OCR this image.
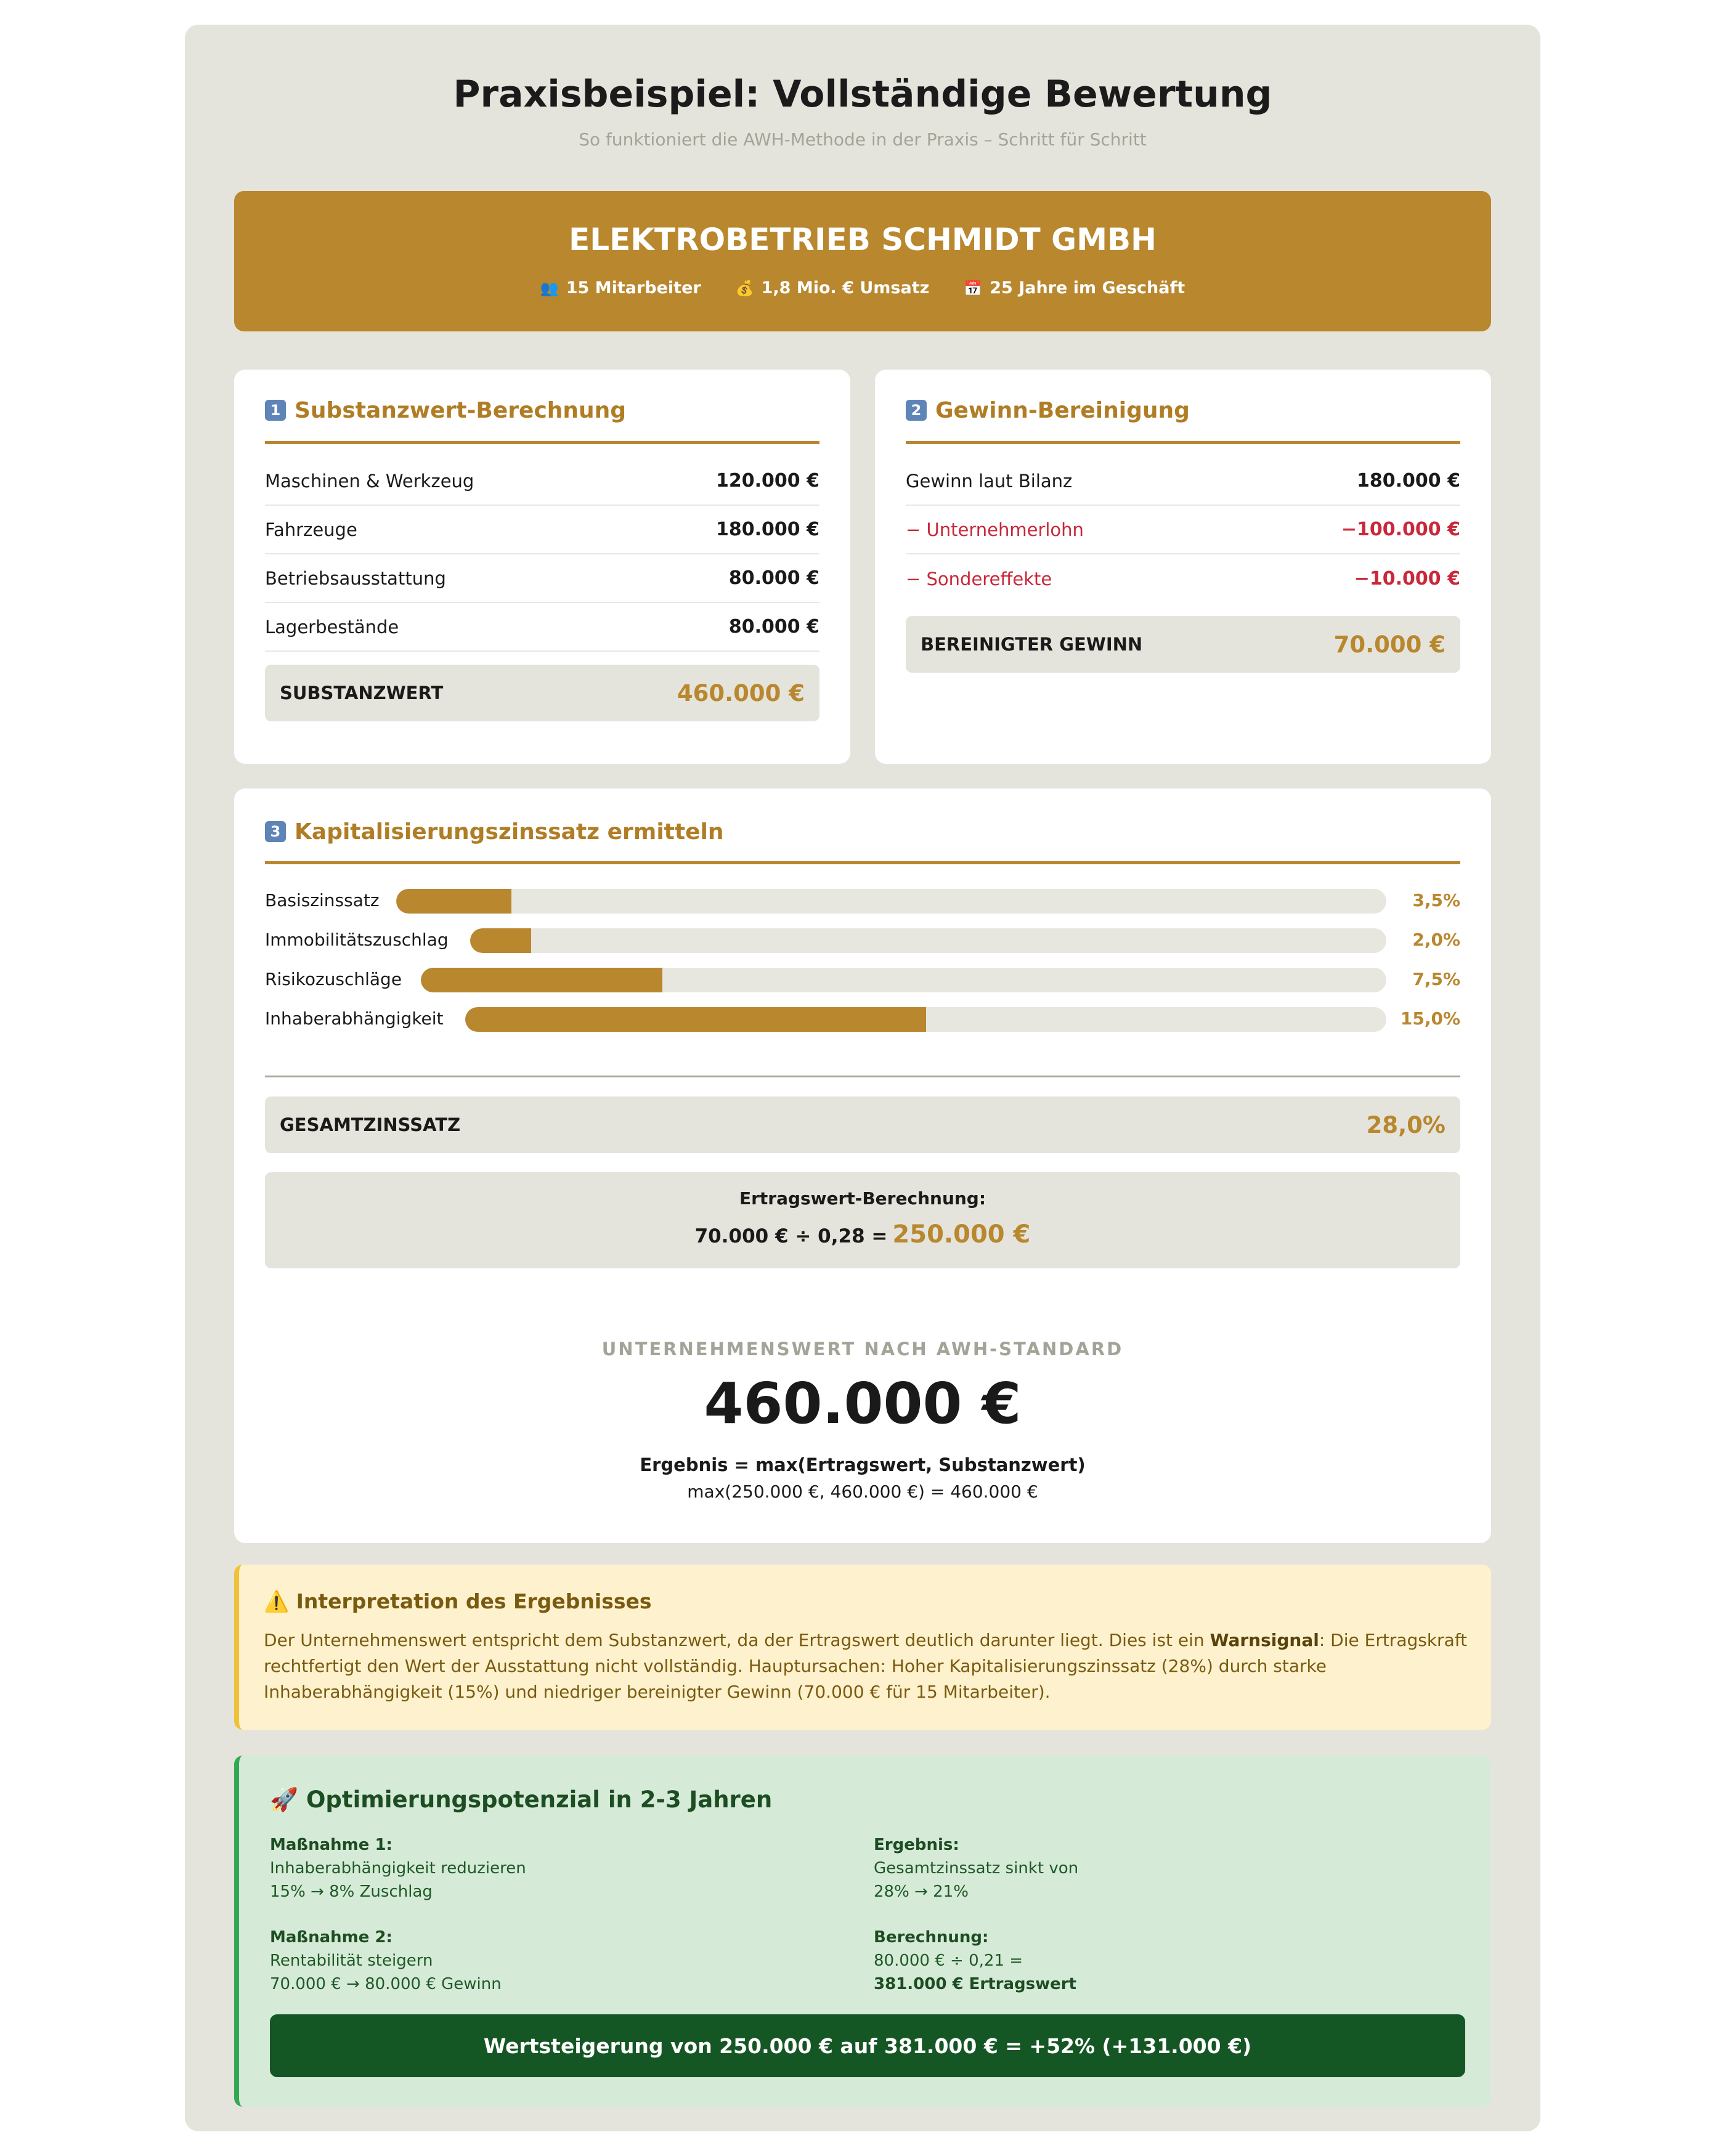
Praxisbeispiel: Vollständige Bewertung
So funktioniert die AWH-Methode in der Praxis – Schritt für Schritt
ELEKTROBETRIEB SCHMIDT GMBH
👥 15 Mitarbeiter 💰 1,8 Mio. € Umsatz 📅 25 Jahre im Geschäft
1 Substanzwert-Berechnung
Maschinen & Werkzeug	120.000 €
Fahrzeuge	180.000 €
Betriebsausstattung	80.000 €
Lagerbestände	80.000 €
SUBSTANZWERT	460.000 €
2 Gewinn-Bereinigung
Gewinn laut Bilanz	180.000 €
− Unternehmerlohn	−100.000 €
− Sondereffekte	−10.000 €
BEREINIGTER GEWINN	70.000 €
3 Kapitalisierungszinssatz ermitteln
Basiszinssatz	3,5%
Immobilitätszuschlag	2,0%
Risikozuschläge	7,5%
Inhaberabhängigkeit	15,0%
GESAMTZINSSATZ	28,0%
Ertragswert-Berechnung:
70.000 € ÷ 0,28 = 250.000 €
UNTERNEHMENSWERT NACH AWH-STANDARD
460.000 €
Ergebnis = max(Ertragswert, Substanzwert)
max(250.000 €, 460.000 €) = 460.000 €
⚠️ Interpretation des Ergebnisses

Der Unternehmenswert entspricht dem Substanzwert, da der Ertragswert deutlich darunter liegt. Dies ist ein Warnsignal: Die Ertragskraft rechtfertigt den Wert der Ausstattung nicht vollständig. Hauptursachen: Hoher Kapitalisierungszinssatz (28%) durch starke Inhaberabhängigkeit (15%) und niedriger bereinigter Gewinn (70.000 € für 15 Mitarbeiter).

🚀 Optimierungspotenzial in 2-3 Jahren
Maßnahme 1:
Inhaberabhängigkeit reduzieren
15% → 8% Zuschlag
Maßnahme 2:
Rentabilität steigern
70.000 € → 80.000 € Gewinn
Ergebnis:
Gesamtzinssatz sinkt von
28% → 21%
Berechnung:
80.000 € ÷ 0,21 =
381.000 € Ertragswert
Wertsteigerung von 250.000 € auf 381.000 € = +52% (+131.000 €)
